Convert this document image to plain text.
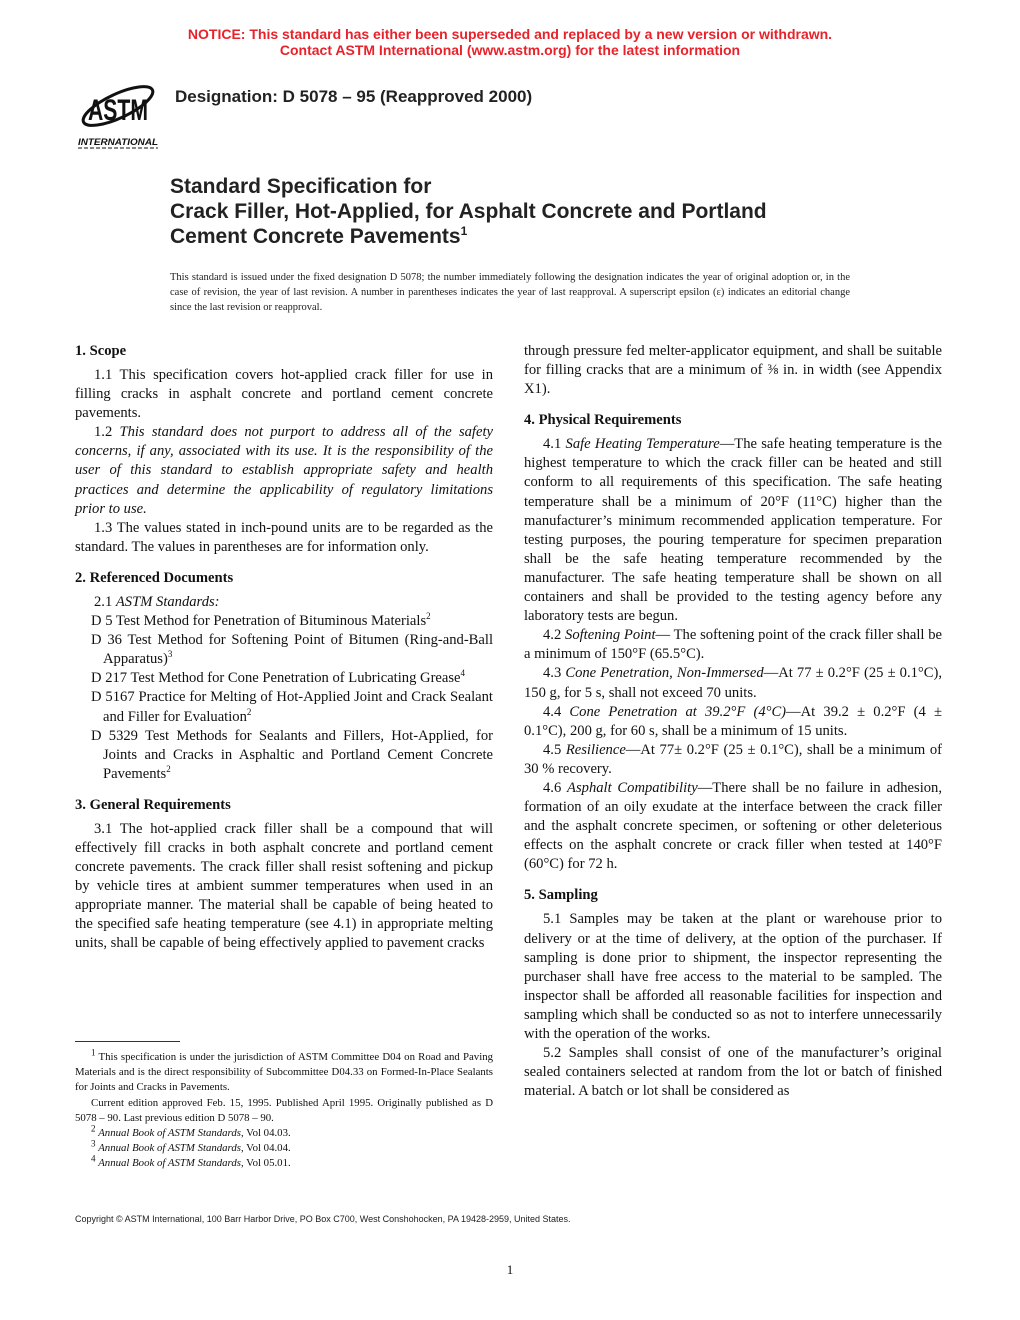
NOTICE: This standard has either been superseded and replaced by a new version or withdrawn.
Contact ASTM International (www.astm.org) for the latest information
ASTM
INTERNATIONAL
Designation: D 5078 – 95 (Reapproved 2000)
Standard Specification for
Crack Filler, Hot-Applied, for Asphalt Concrete and Portland
Cement Concrete Pavements$^1$
This standard is issued under the fixed designation D 5078; the number immediately following the designation indicates the year of original adoption or, in the case of revision, the year of last revision. A number in parentheses indicates the year of last reapproval. A superscript epsilon (ε) indicates an editorial change since the last revision or reapproval.
1. Scope

1.1 This specification covers hot-applied crack filler for use in filling cracks in asphalt concrete and portland cement concrete pavements.

1.2 This standard does not purport to address all of the safety concerns, if any, associated with its use. It is the responsibility of the user of this standard to establish appropriate safety and health practices and determine the applicability of regulatory limitations prior to use.

1.3 The values stated in inch-pound units are to be regarded as the standard. The values in parentheses are for information only.

2. Referenced Documents

2.1 ASTM Standards:

D 5 Test Method for Penetration of Bituminous Materials$^2$

D 36 Test Method for Softening Point of Bitumen (Ring-and-Ball Apparatus)$^3$

D 217 Test Method for Cone Penetration of Lubricating Grease$^4$

D 5167 Practice for Melting of Hot-Applied Joint and Crack Sealant and Filler for Evaluation$^2$

D 5329 Test Methods for Sealants and Fillers, Hot-Applied, for Joints and Cracks in Asphaltic and Portland Cement Concrete Pavements$^2$

3. General Requirements

3.1 The hot-applied crack filler shall be a compound that will effectively fill cracks in both asphalt concrete and portland cement concrete pavements. The crack filler shall resist softening and pickup by vehicle tires at ambient summer temperatures when used in an appropriate manner. The material shall be capable of being heated to the specified safe heating temperature (see 4.1) in appropriate melting units, shall be capable of being effectively applied to pavement cracks

through pressure fed melter-applicator equipment, and shall be suitable for filling cracks that are a minimum of ⅜ in. in width (see Appendix X1).

4. Physical Requirements

4.1 Safe Heating Temperature—The safe heating temperature is the highest temperature to which the crack filler can be heated and still conform to all requirements of this specification. The safe heating temperature shall be a minimum of 20°F (11°C) higher than the manufacturer’s minimum recommended application temperature. For testing purposes, the pouring temperature for specimen preparation shall be the safe heating temperature recommended by the manufacturer. The safe heating temperature shall be shown on all containers and shall be provided to the testing agency before any laboratory tests are begun.

4.2 Softening Point— The softening point of the crack filler shall be a minimum of 150°F (65.5°C).

4.3 Cone Penetration, Non-Immersed—At 77 ± 0.2°F (25 ± 0.1°C), 150 g, for 5 s, shall not exceed 70 units.

4.4 Cone Penetration at 39.2°F (4°C)—At 39.2 ± 0.2°F (4 ± 0.1°C), 200 g, for 60 s, shall be a minimum of 15 units.

4.5 Resilience—At 77± 0.2°F (25 ± 0.1°C), shall be a minimum of 30 % recovery.

4.6 Asphalt Compatibility—There shall be no failure in adhesion, formation of an oily exudate at the interface between the crack filler and the asphalt concrete specimen, or softening or other deleterious effects on the asphalt concrete or crack filler when tested at 140°F (60°C) for 72 h.

5. Sampling

5.1 Samples may be taken at the plant or warehouse prior to delivery or at the time of delivery, at the option of the purchaser. If sampling is done prior to shipment, the inspector representing the purchaser shall have free access to the material to be sampled. The inspector shall be afforded all reasonable facilities for inspection and sampling which shall be conducted so as not to interfere unnecessarily with the operation of the works.

5.2 Samples shall consist of one of the manufacturer’s original sealed containers selected at random from the lot or batch of finished material. A batch or lot shall be considered as

$^1$ This specification is under the jurisdiction of ASTM Committee D04 on Road and Paving Materials and is the direct responsibility of Subcommittee D04.33 on Formed-In-Place Sealants for Joints and Cracks in Pavements.

Current edition approved Feb. 15, 1995. Published April 1995. Originally published as D 5078 – 90. Last previous edition D 5078 – 90.

$^2$ Annual Book of ASTM Standards, Vol 04.03.

$^3$ Annual Book of ASTM Standards, Vol 04.04.

$^4$ Annual Book of ASTM Standards, Vol 05.01.

Copyright © ASTM International, 100 Barr Harbor Drive, PO Box C700, West Conshohocken, PA 19428-2959, United States.
1
